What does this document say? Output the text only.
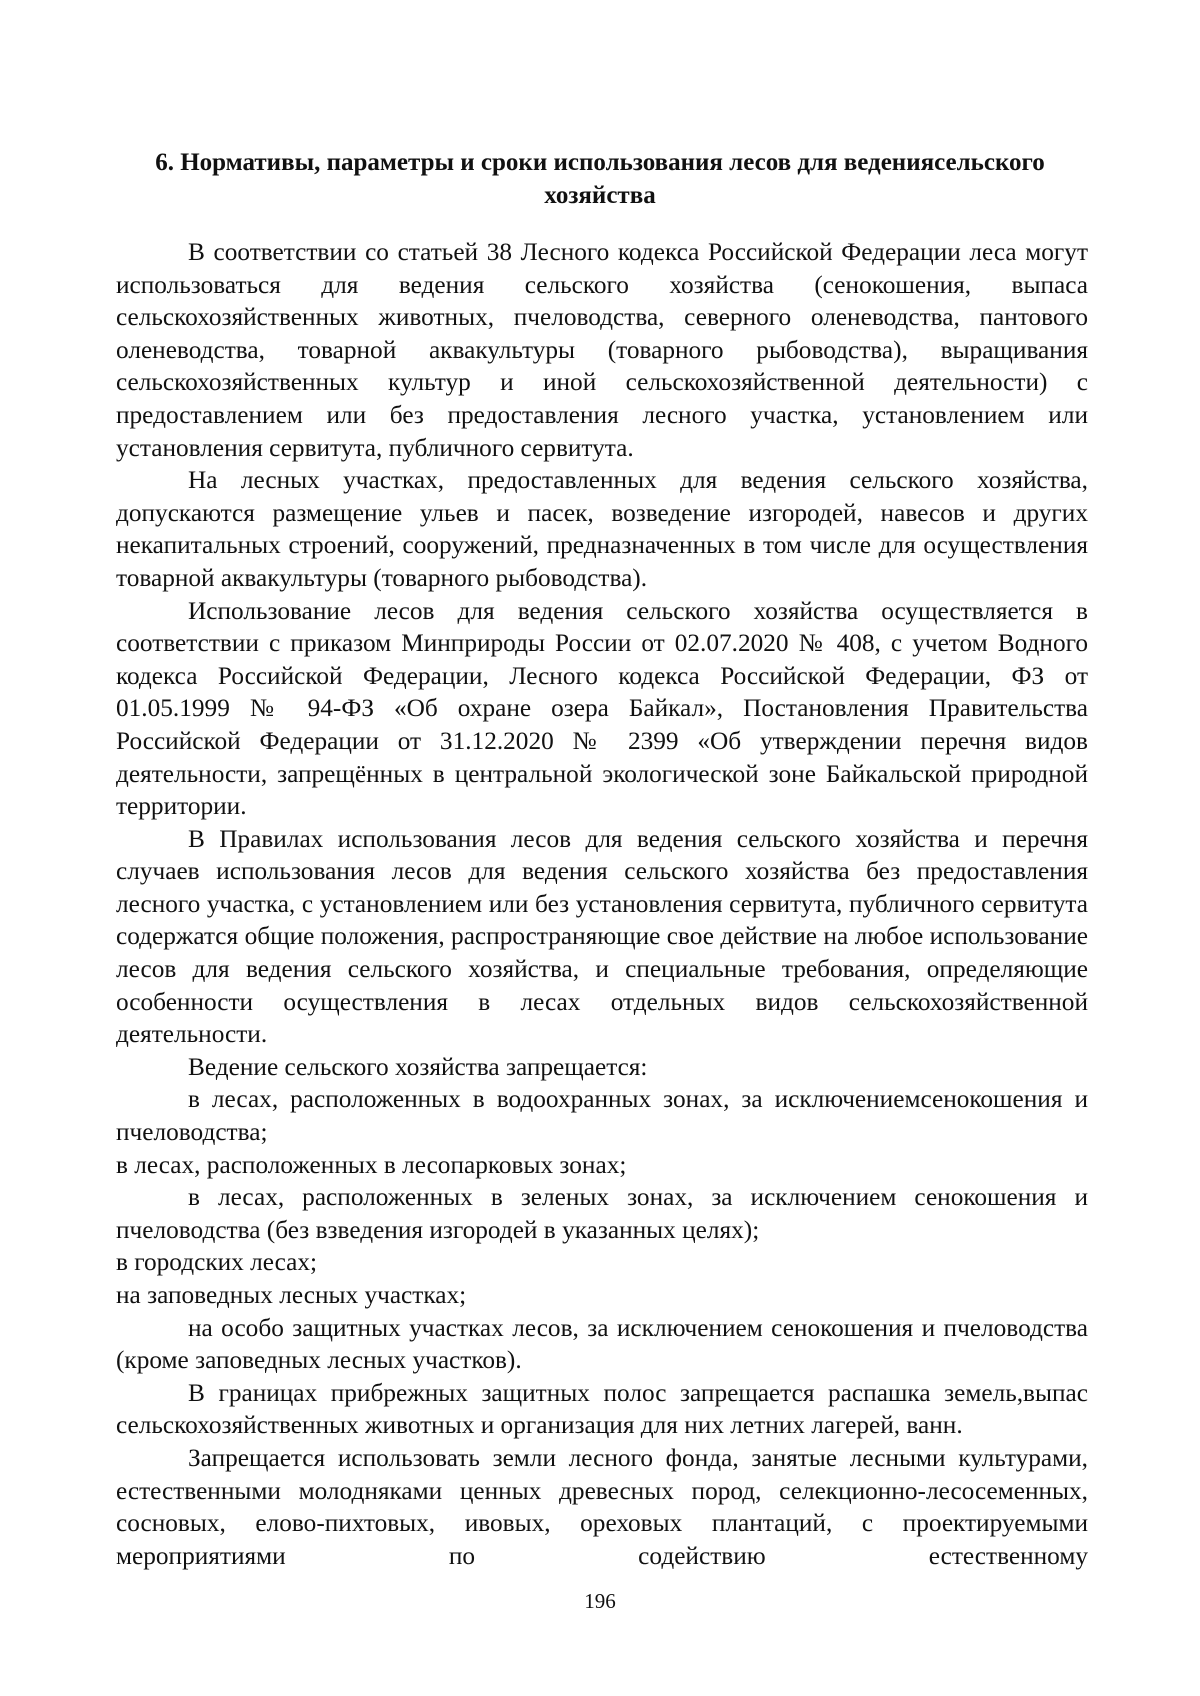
6. Нормативы, параметры и сроки использования лесов для ведениясельского хозяйства

В соответствии со статьей 38 Лесного кодекса Российской Федерации леса могут использоваться для ведения сельского хозяйства (сенокошения, выпаса сельскохозяйственных животных, пчеловодства, северного оленеводства, пантового оленеводства, товарной аквакультуры (товарного рыбоводства), выращивания сельскохозяйственных культур и иной сельскохозяйственной деятельности) с предоставлением или без предоставления лесного участка, установлением или установления сервитута, публичного сервитута.

На лесных участках, предоставленных для ведения сельского хозяйства, допускаются размещение ульев и пасек, возведение изгородей, навесов и других некапитальных строений, сооружений, предназначенных в том числе для осуществления товарной аквакультуры (товарного рыбоводства).

Использование лесов для ведения сельского хозяйства осуществляется в соответствии с приказом Минприроды России от 02.07.2020 № 408, с учетом Водного кодекса Российской Федерации, Лесного кодекса Российской Федерации, ФЗ от 01.05.1999 № 94-ФЗ «Об охране озера Байкал», Постановления Правительства Российской Федерации от 31.12.2020 № 2399 «Об утверждении перечня видов деятельности, запрещённых в центральной экологической зоне Байкальской природной территории.

В Правилах использования лесов для ведения сельского хозяйства и перечня случаев использования лесов для ведения сельского хозяйства без предоставления лесного участка, с установлением или без установления сервитута, публичного сервитута содержатся общие положения, распространяющие свое действие на любое использование лесов для ведения сельского хозяйства, и специальные требования, определяющие особенности осуществления в лесах отдельных видов сельскохозяйственной деятельности.

Ведение сельского хозяйства запрещается:

в лесах, расположенных в водоохранных зонах, за исключениемсенокошения и пчеловодства;

в лесах, расположенных в лесопарковых зонах;

в лесах, расположенных в зеленых зонах, за исключением сенокошения и пчеловодства (без взведения изгородей в указанных целях);

в городских лесах;

на заповедных лесных участках;

на особо защитных участках лесов, за исключением сенокошения и пчеловодства (кроме заповедных лесных участков).

В границах прибрежных защитных полос запрещается распашка земель,выпас сельскохозяйственных животных и организация для них летних лагерей, ванн.

Запрещается использовать земли лесного фонда, занятые лесными культурами, естественными молодняками ценных древесных пород, селекционно-лесосеменных, сосновых, елово-пихтовых, ивовых, ореховых плантаций, с проектируемыми мероприятиями по содействию естественному

196
